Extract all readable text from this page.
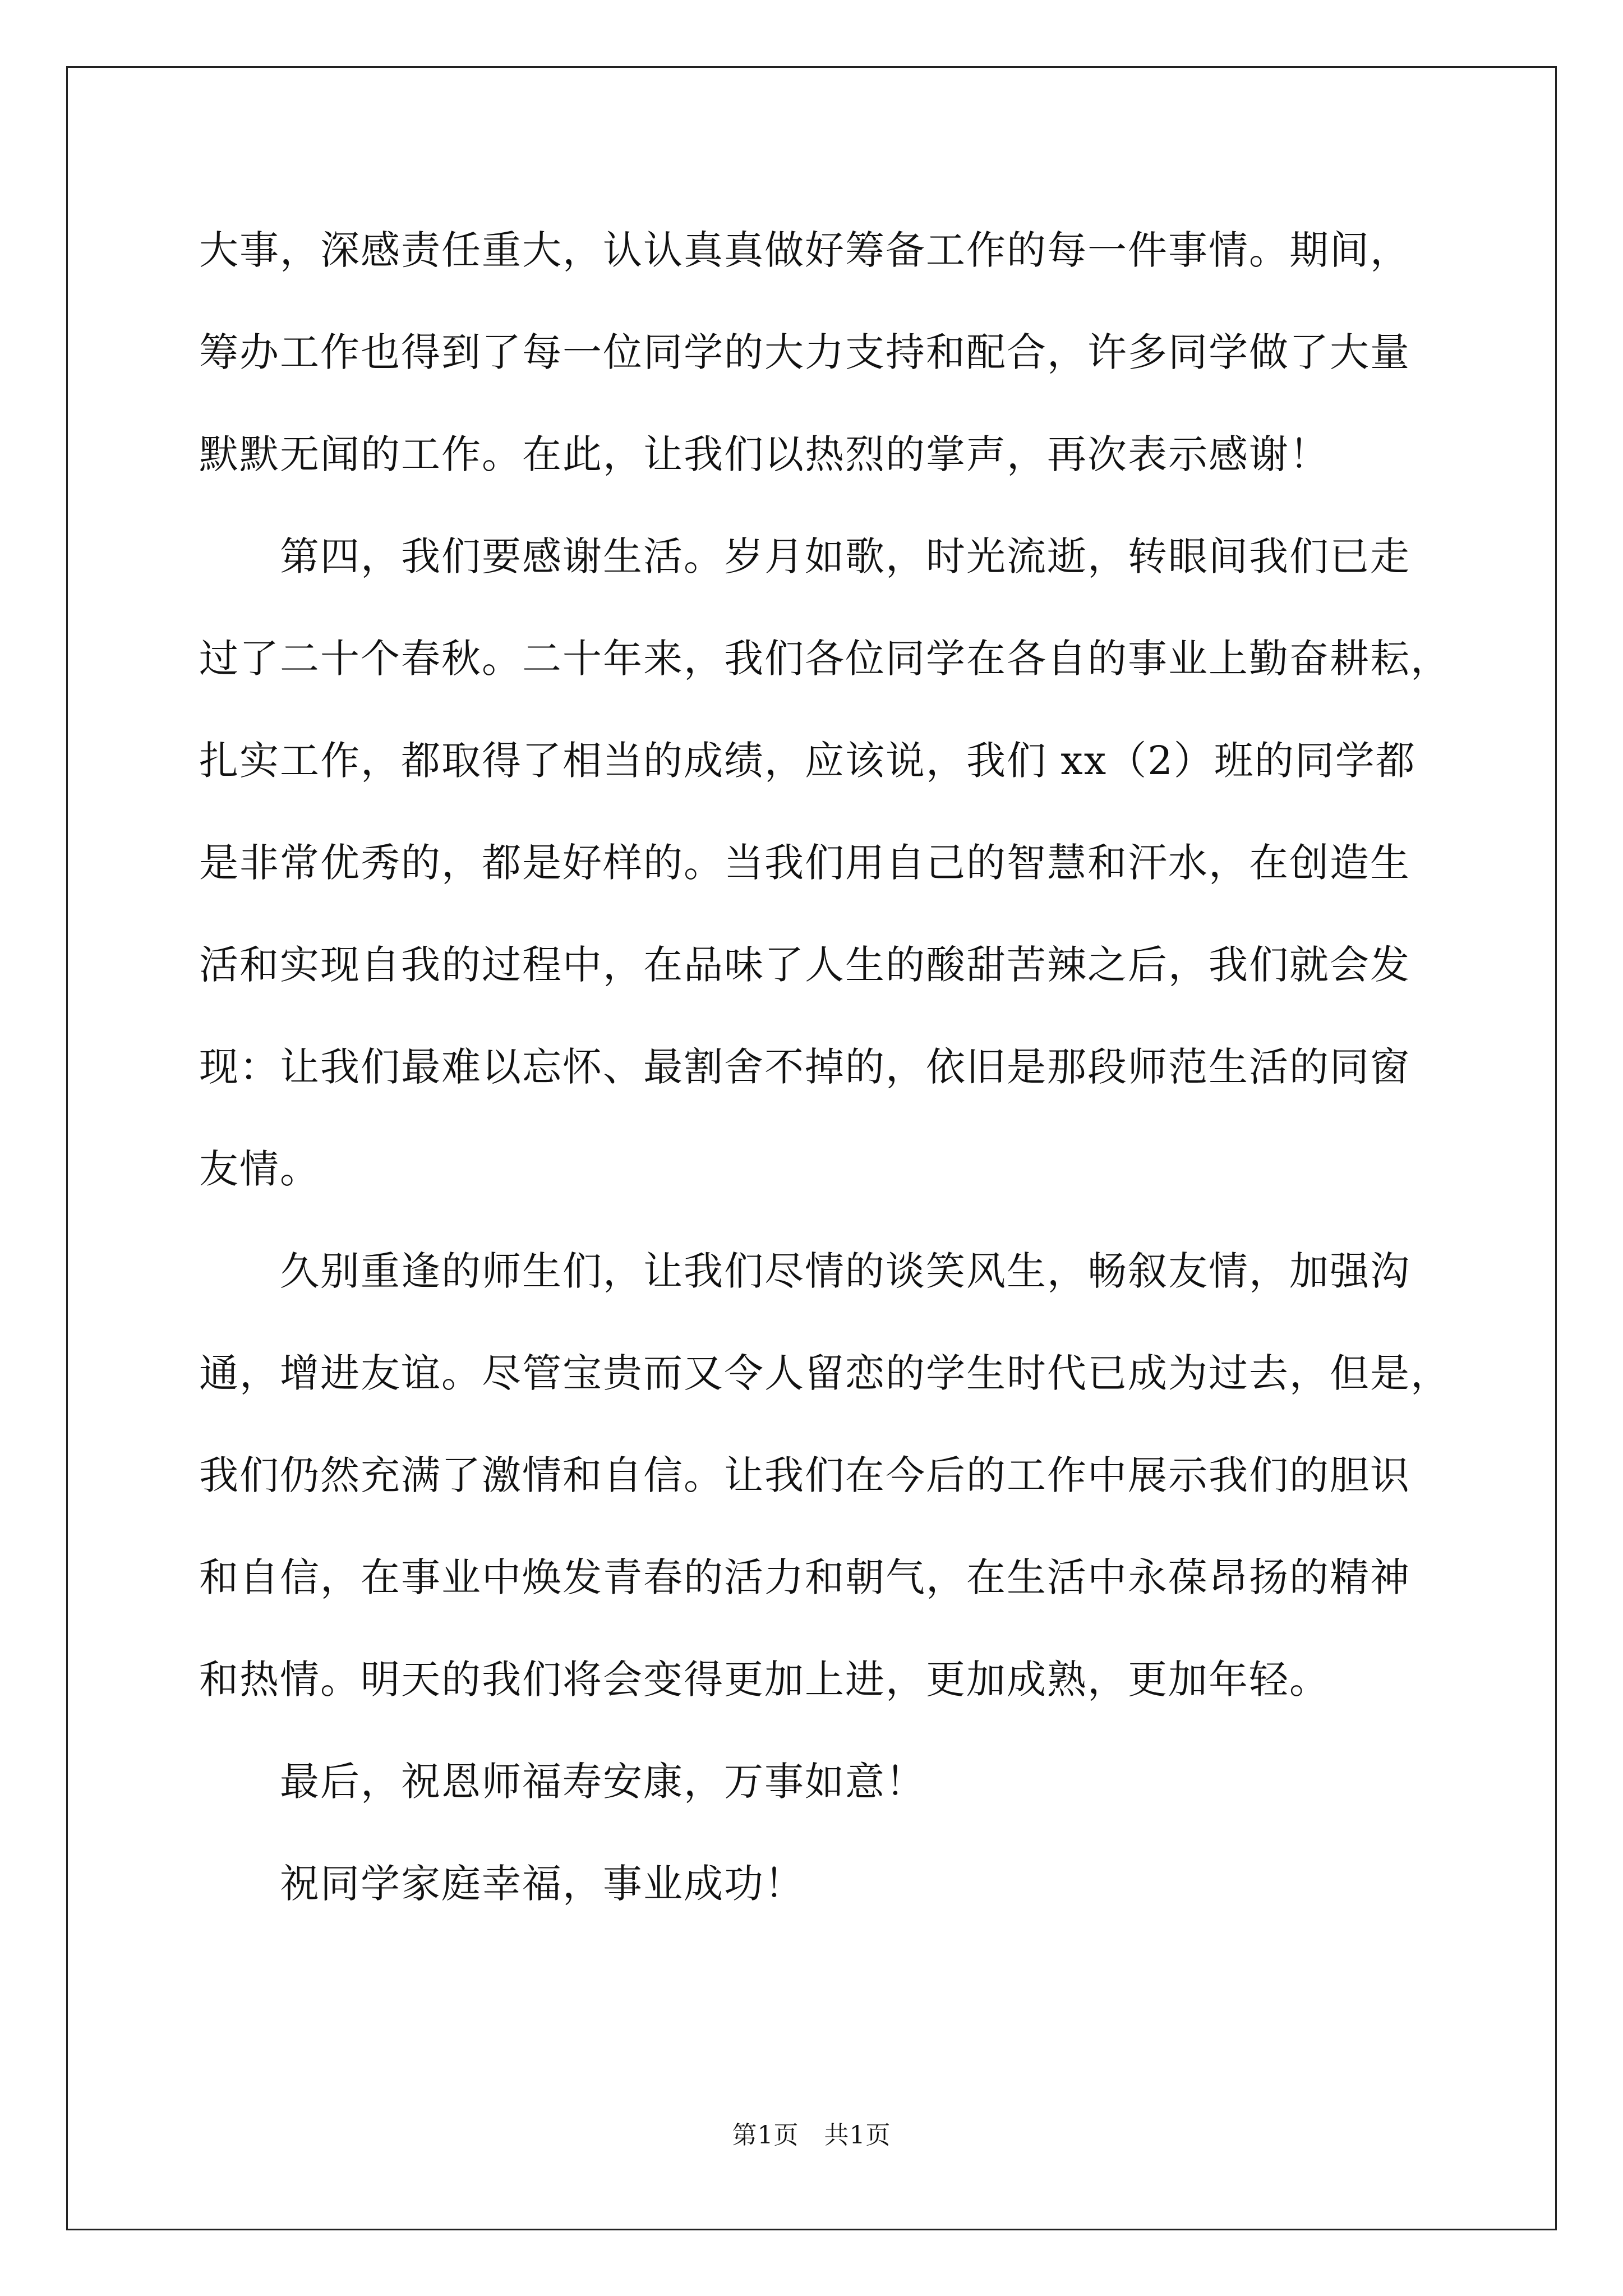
大事，深感责任重大，认认真真做好筹备工作的每一件事情。期间，
筹办工作也得到了每一位同学的大力支持和配合，许多同学做了大量
默默无闻的工作。在此，让我们以热烈的掌声，再次表示感谢！
　　第四，我们要感谢生活。岁月如歌，时光流逝，转眼间我们已走
过了二十个春秋。二十年来，我们各位同学在各自的事业上勤奋耕耘，
扎实工作，都取得了相当的成绩，应该说，我们 xx（2）班的同学都
是非常优秀的，都是好样的。当我们用自己的智慧和汗水，在创造生
活和实现自我的过程中，在品味了人生的酸甜苦辣之后，我们就会发
现：让我们最难以忘怀、最割舍不掉的，依旧是那段师范生活的同窗
友情。
　　久别重逢的师生们，让我们尽情的谈笑风生，畅叙友情，加强沟
通，增进友谊。尽管宝贵而又令人留恋的学生时代已成为过去，但是，
我们仍然充满了激情和自信。让我们在今后的工作中展示我们的胆识
和自信，在事业中焕发青春的活力和朝气，在生活中永葆昂扬的精神
和热情。明天的我们将会变得更加上进，更加成熟，更加年轻。
　　最后，祝恩师福寿安康，万事如意！
　　祝同学家庭幸福，事业成功！
第1页　共1页
